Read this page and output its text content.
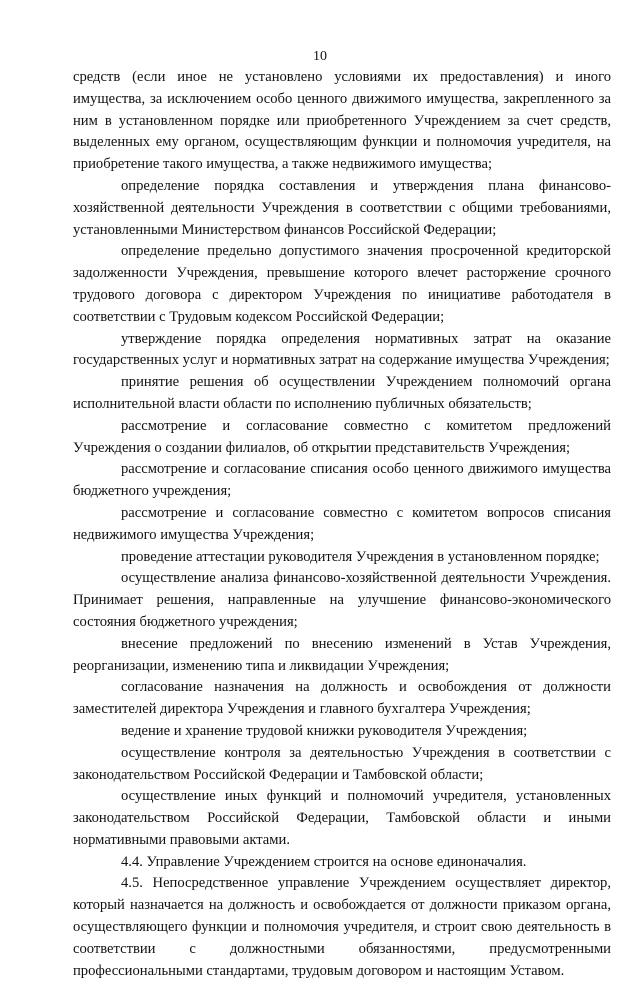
10

средств (если иное не установлено условиями их предоставления) и иного имущества, за исключением особо ценного движимого имущества, закрепленного за ним в установленном порядке или приобретенного Учреждением за счет средств, выделенных ему органом, осуществляющим функции и полномочия учредителя, на приобретение такого имущества, а также недвижимого имущества;

определение порядка составления и утверждения плана финансово-хозяйственной деятельности Учреждения в соответствии с общими требованиями, установленными Министерством финансов Российской Федерации;

определение предельно допустимого значения просроченной кредиторской задолженности Учреждения, превышение которого влечет расторжение срочного трудового договора с директором Учреждения по инициативе работодателя в соответствии с Трудовым кодексом Российской Федерации;

утверждение порядка определения нормативных затрат на оказание государственных услуг и нормативных затрат на содержание имущества Учреждения;

принятие решения об осуществлении Учреждением полномочий органа исполнительной власти области по исполнению публичных обязательств;

рассмотрение и согласование совместно с комитетом предложений Учреждения о создании филиалов, об открытии представительств Учреждения;

рассмотрение и согласование списания особо ценного движимого имущества бюджетного учреждения;

рассмотрение и согласование совместно с комитетом вопросов списания недвижимого имущества Учреждения;

проведение аттестации руководителя Учреждения в установленном порядке;

осуществление анализа финансово-хозяйственной деятельности Учреждения. Принимает решения, направленные на улучшение финансово-экономического состояния бюджетного учреждения;

внесение предложений по внесению изменений в Устав Учреждения, реорганизации, изменению типа и ликвидации Учреждения;

согласование назначения на должность и освобождения от должности заместителей директора Учреждения и главного бухгалтера Учреждения;

ведение и хранение трудовой книжки руководителя Учреждения;

осуществление контроля за деятельностью Учреждения в соответствии с законодательством Российской Федерации и Тамбовской области;

осуществление иных функций и полномочий учредителя, установленных законодательством Российской Федерации, Тамбовской области и иными нормативными правовыми актами.

4.4. Управление Учреждением строится на основе единоначалия.

4.5. Непосредственное управление Учреждением осуществляет директор, который назначается на должность и освобождается от должности приказом органа, осуществляющего функции и полномочия учредителя, и строит свою деятельность в соответствии с должностными обязанностями, предусмотренными профессиональными стандартами, трудовым договором и настоящим Уставом.
